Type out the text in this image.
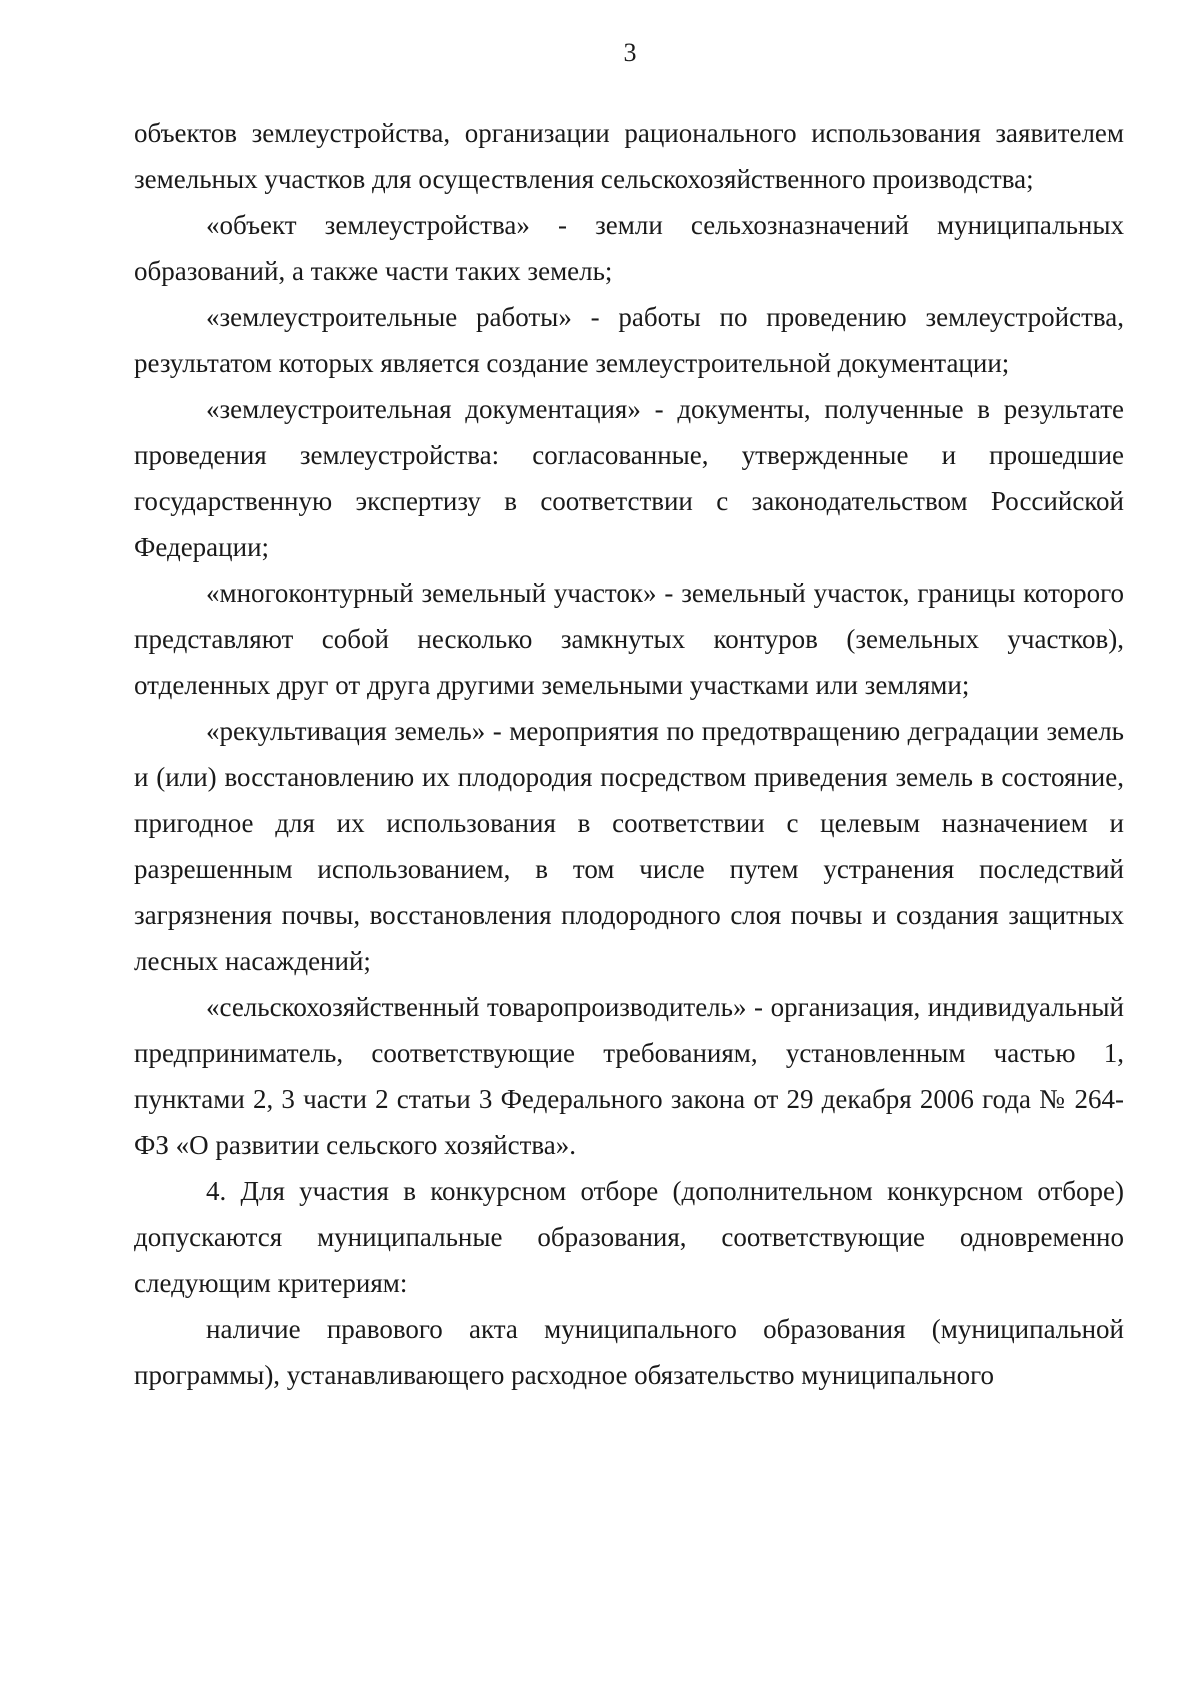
3

объектов землеустройства, организации рационального использования заявителем земельных участков для осуществления сельскохозяйственного производства;

«объект землеустройства» - земли сельхозназначений муниципальных образований, а также части таких земель;

«землеустроительные работы» - работы по проведению землеустройства, результатом которых является создание землеустроительной документации;

«землеустроительная документация» - документы, полученные в результате проведения землеустройства: согласованные, утвержденные и прошедшие государственную экспертизу в соответствии с законодательством Российской Федерации;

«многоконтурный земельный участок» - земельный участок, границы которого представляют собой несколько замкнутых контуров (земельных участков), отделенных друг от друга другими земельными участками или землями;

«рекультивация земель» - мероприятия по предотвращению деградации земель и (или) восстановлению их плодородия посредством приведения земель в состояние, пригодное для их использования в соответствии с целевым назначением и разрешенным использованием, в том числе путем устранения последствий загрязнения почвы, восстановления плодородного слоя почвы и создания защитных лесных насаждений;

«сельскохозяйственный товаропроизводитель» - организация, индивидуальный предприниматель, соответствующие требованиям, установленным частью 1, пунктами 2, 3 части 2 статьи 3 Федерального закона от 29 декабря 2006 года № 264-ФЗ «О развитии сельского хозяйства».

4. Для участия в конкурсном отборе (дополнительном конкурсном отборе) допускаются муниципальные образования, соответствующие одновременно следующим критериям:

наличие правового акта муниципального образования (муниципальной программы), устанавливающего расходное обязательство муниципального
